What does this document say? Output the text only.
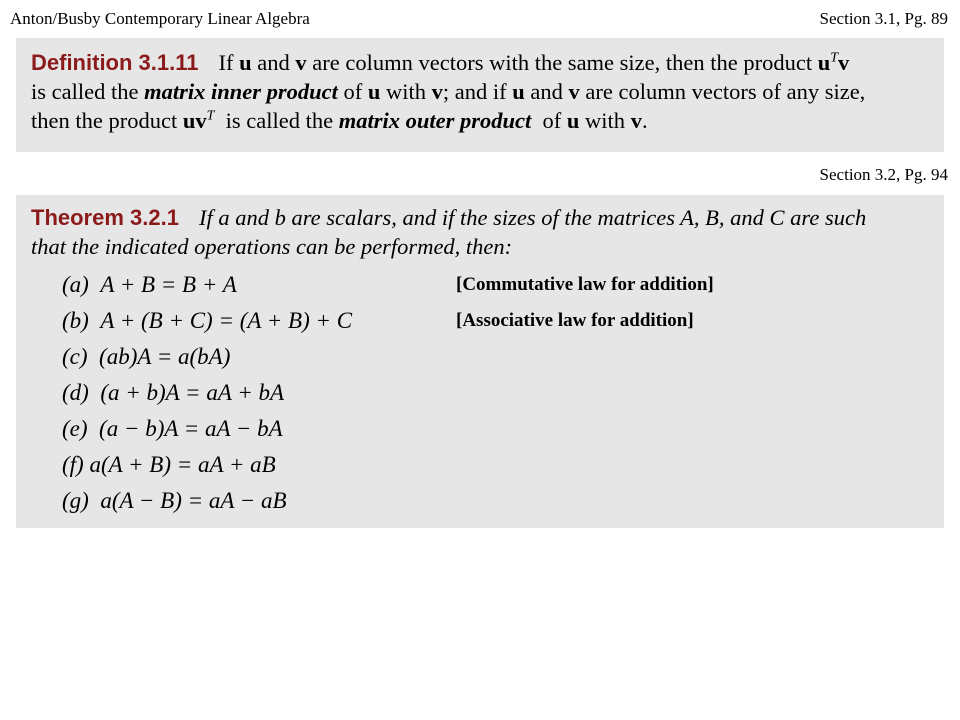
Anton/Busby Contemporary Linear Algebra	Section 3.1, Pg. 89
Definition 3.1.11 If u and v are column vectors with the same size, then the product $u^Tv$
is called the matrix inner product of u with v; and if u and v are column vectors of any size,
then the product $uv^T$  is called the matrix outer product  of u with v.
Section 3.2, Pg. 94
Theorem 3.2.1 If a and b are scalars, and if the sizes of the matrices A, B, and C are such
that the indicated operations can be performed, then:
(a) A + B = B + A	[Commutative law for addition]
(b) A + (B + C) = (A + B) + C	[Associative law for addition]
(c) (ab)A = a(bA)
(d) (a + b)A = aA + bA
(e) (a − b)A = aA − bA
(f) a(A + B) = aA + aB
(g) a(A − B) = aA − aB
